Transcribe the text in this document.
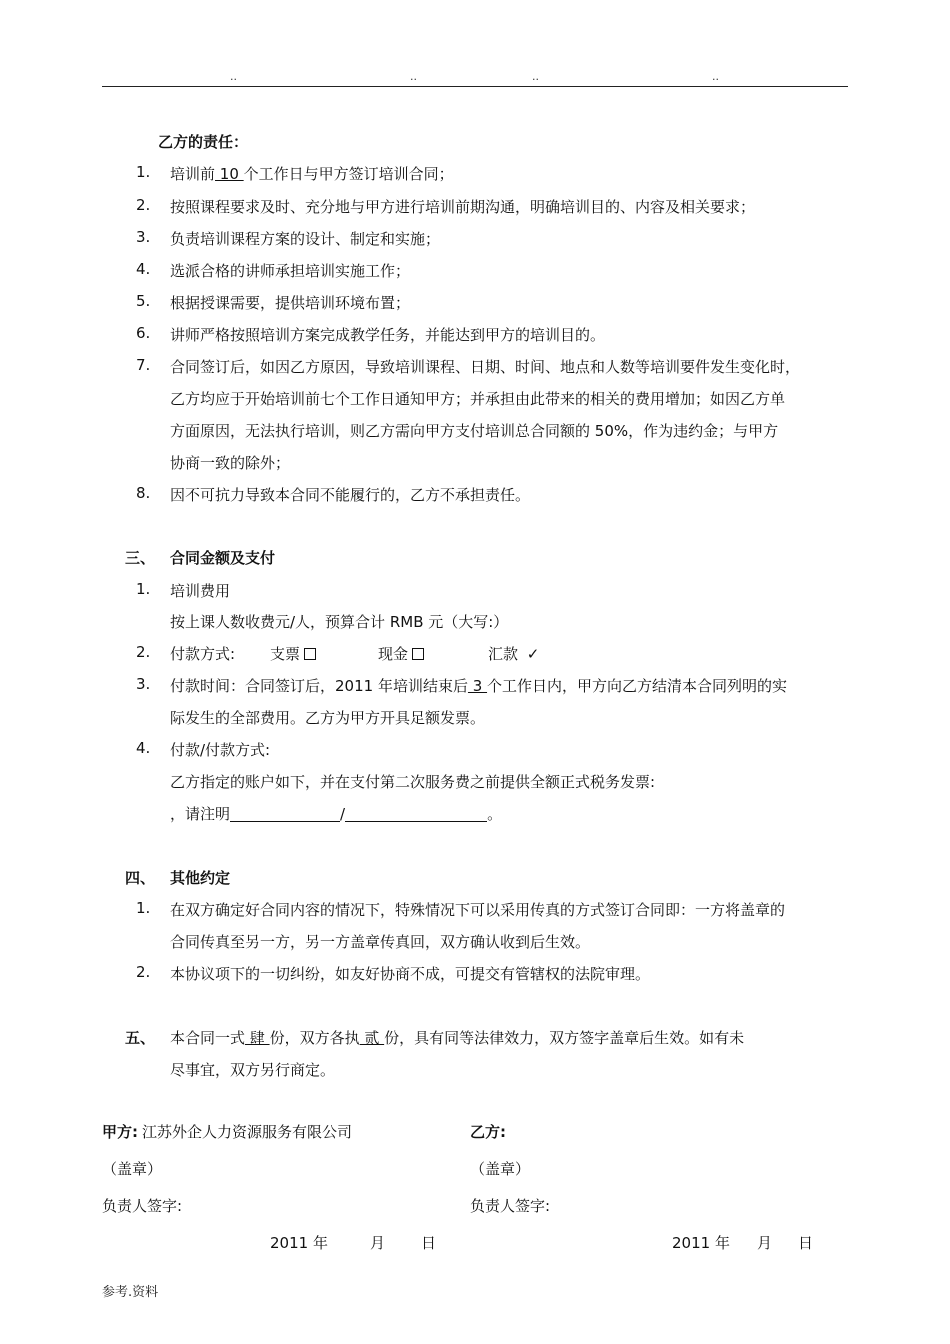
..	..	..	..
乙方的责任：
1.	培训前 10 个工作日与甲方签订培训合同；
2.	按照课程要求及时、充分地与甲方进行培训前期沟通，明确培训目的、内容及相关要求；
3.	负责培训课程方案的设计、制定和实施；
4.	选派合格的讲师承担培训实施工作；
5.	根据授课需要，提供培训环境布置；
6.	讲师严格按照培训方案完成教学任务，并能达到甲方的培训目的。
7.	合同签订后，如因乙方原因，导致培训课程、日期、时间、地点和人数等培训要件发生变化时，
乙方均应于开始培训前七个工作日通知甲方；并承担由此带来的相关的费用增加；如因乙方单
方面原因，无法执行培训，则乙方需向甲方支付培训总合同额的 50%，作为违约金；与甲方
协商一致的除外；
8.	因不可抗力导致本合同不能履行的，乙方不承担责任。
三、 合同金额及支付
1.	培训费用
按上课人数收费元/人，预算合计 RMB 元（大写:）
2.	付款方式: 支票	现金	汇款 ✓
3.	付款时间：合同签订后，2011 年培训结束后 3 个工作日内，甲方向乙方结清本合同列明的实
际发生的全部费用。乙方为甲方开具足额发票。
4.	付款/付款方式:
乙方指定的账户如下，并在支付第二次服务费之前提供全额正式税务发票:
，请注明	/	。
四、 其他约定
1.	在双方确定好合同内容的情况下，特殊情况下可以采用传真的方式签订合同即：一方将盖章的
合同传真至另一方，另一方盖章传真回，双方确认收到后生效。
2.	本协议项下的一切纠纷，如友好协商不成，可提交有管辖权的法院审理。
五、 本合同一式 肆 份，双方各执 贰 份，具有同等法律效力，双方签字盖章后生效。如有未
尽事宜，双方另行商定。
甲方: 江苏外企人力资源服务有限公司	乙方:
（盖章）	（盖章）
负责人签字:	负责人签字:
2011 年	月 日	2011 年 月 日
参考.资料
